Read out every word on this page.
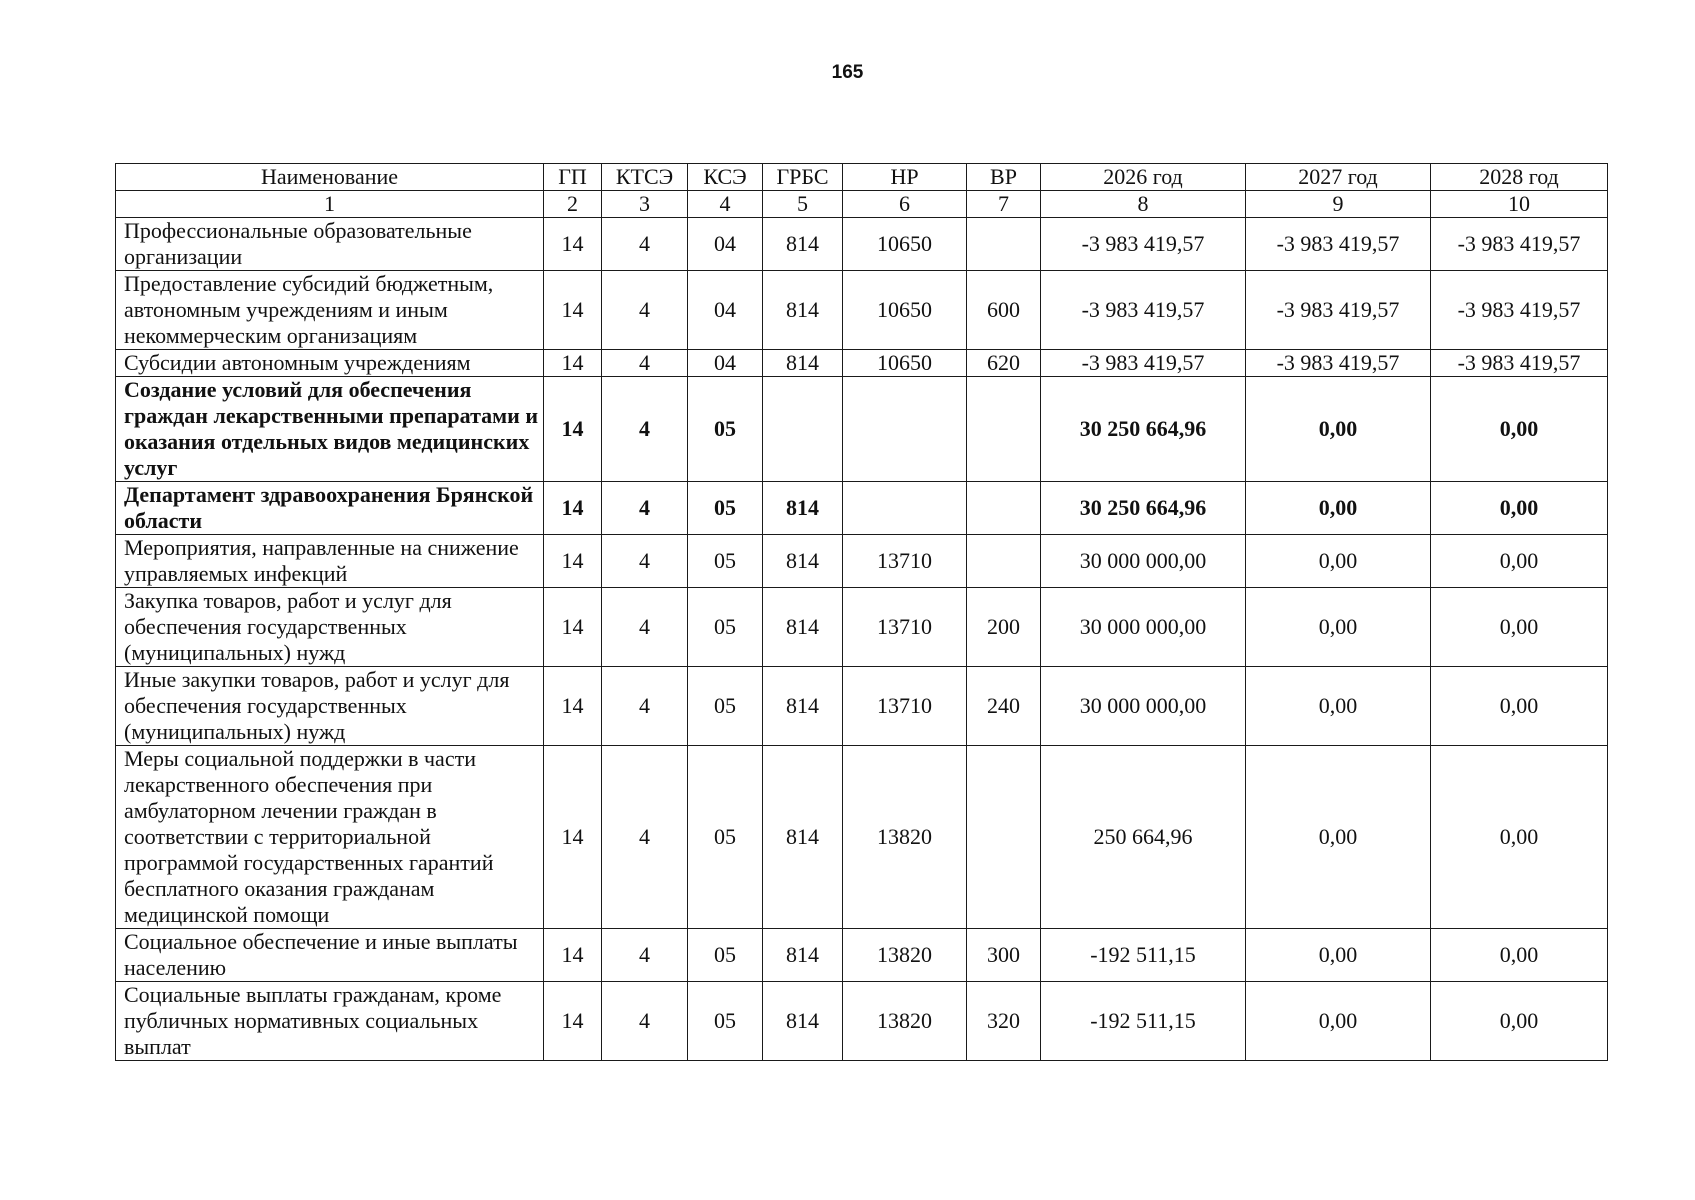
165
Наименование	ГП	КТСЭ	КСЭ	ГРБС	НР	ВР	2026 год	2027 год	2028 год
1	2	3	4	5	6	7	8	9	10
Профессиональные образовательные организации	14	4	04	814	10650		-3 983 419,57	-3 983 419,57	-3 983 419,57
Предоставление субсидий бюджетным, автономным учреждениям и иным некоммерческим организациям	14	4	04	814	10650	600	-3 983 419,57	-3 983 419,57	-3 983 419,57
Субсидии автономным учреждениям	14	4	04	814	10650	620	-3 983 419,57	-3 983 419,57	-3 983 419,57
Создание условий для обеспечения граждан лекарственными препаратами и оказания отдельных видов медицинских услуг	14	4	05				30 250 664,96	0,00	0,00
Департамент здравоохранения Брянской области	14	4	05	814			30 250 664,96	0,00	0,00
Мероприятия, направленные на снижение управляемых инфекций	14	4	05	814	13710		30 000 000,00	0,00	0,00
Закупка товаров, работ и услуг для обеспечения государственных (муниципальных) нужд	14	4	05	814	13710	200	30 000 000,00	0,00	0,00
Иные закупки товаров, работ и услуг для обеспечения государственных (муниципальных) нужд	14	4	05	814	13710	240	30 000 000,00	0,00	0,00
Меры социальной поддержки в части лекарственного обеспечения при амбулаторном лечении граждан в соответствии с территориальной программой государственных гарантий бесплатного оказания гражданам медицинской помощи	14	4	05	814	13820		250 664,96	0,00	0,00
Социальное обеспечение и иные выплаты населению	14	4	05	814	13820	300	-192 511,15	0,00	0,00
Социальные выплаты гражданам, кроме публичных нормативных социальных выплат	14	4	05	814	13820	320	-192 511,15	0,00	0,00
